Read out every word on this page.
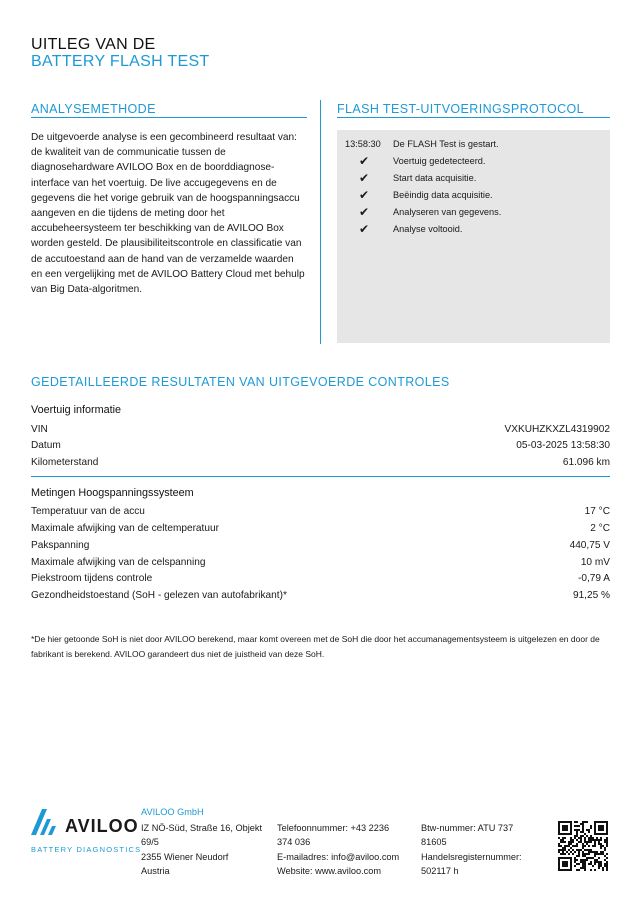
UITLEG VAN DE
BATTERY FLASH TEST
ANALYSEMETHODE
De uitgevoerde analyse is een gecombineerd resultaat van: de kwaliteit van de communicatie tussen de diagnosehardware AVILOO Box en de boorddiagnose-interface van het voertuig. De live accugegevens en de gegevens die het vorige gebruik van de hoogspanningsaccu aangeven en die tijdens de meting door het accubeheersysteem ter beschikking van de AVILOO Box worden gesteld. De plausibiliteitscontrole en classificatie van de accutoestand aan de hand van de verzamelde waarden en een vergelijking met de AVILOO Battery Cloud met behulp van Big Data-algoritmen.
FLASH TEST-UITVOERINGSPROTOCOL
13:58:30	De FLASH Test is gestart.
✔	Voertuig gedetecteerd.
✔	Start data acquisitie.
✔	Beëindig data acquisitie.
✔	Analyseren van gegevens.
✔	Analyse voltooid.
GEDETAILLEERDE RESULTATEN VAN UITGEVOERDE CONTROLES
Voertuig informatie
VIN	VXKUHZKXZL4319902
Datum	05-03-2025 13:58:30
Kilometerstand	61.096 km
Metingen Hoogspanningssysteem
Temperatuur van de accu	17 °C
Maximale afwijking van de celtemperatuur	2 °C
Pakspanning	440,75 V
Maximale afwijking van de celspanning	10 mV
Piekstroom tijdens controle	-0,79 A
Gezondheidstoestand (SoH - gelezen van autofabrikant)*	91,25 %
*De hier getoonde SoH is niet door AVILOO berekend, maar komt overeen met de SoH die door het accumanagementsysteem is uitgelezen en door de fabrikant is berekend. AVILOO garandeert dus niet de juistheid van deze SoH.
AVILOO
BATTERY DIAGNOSTICS
AVILOO GmbH
IZ NÖ-Süd, Straße 16, Objekt
69/5
2355 Wiener Neudorf
Austria
Telefoonnummer: +43 2236
374 036
E-mailadres: info@aviloo.com
Website: www.aviloo.com
Btw-nummer: ATU 737
81605
Handelsregisternummer:
502117 h
